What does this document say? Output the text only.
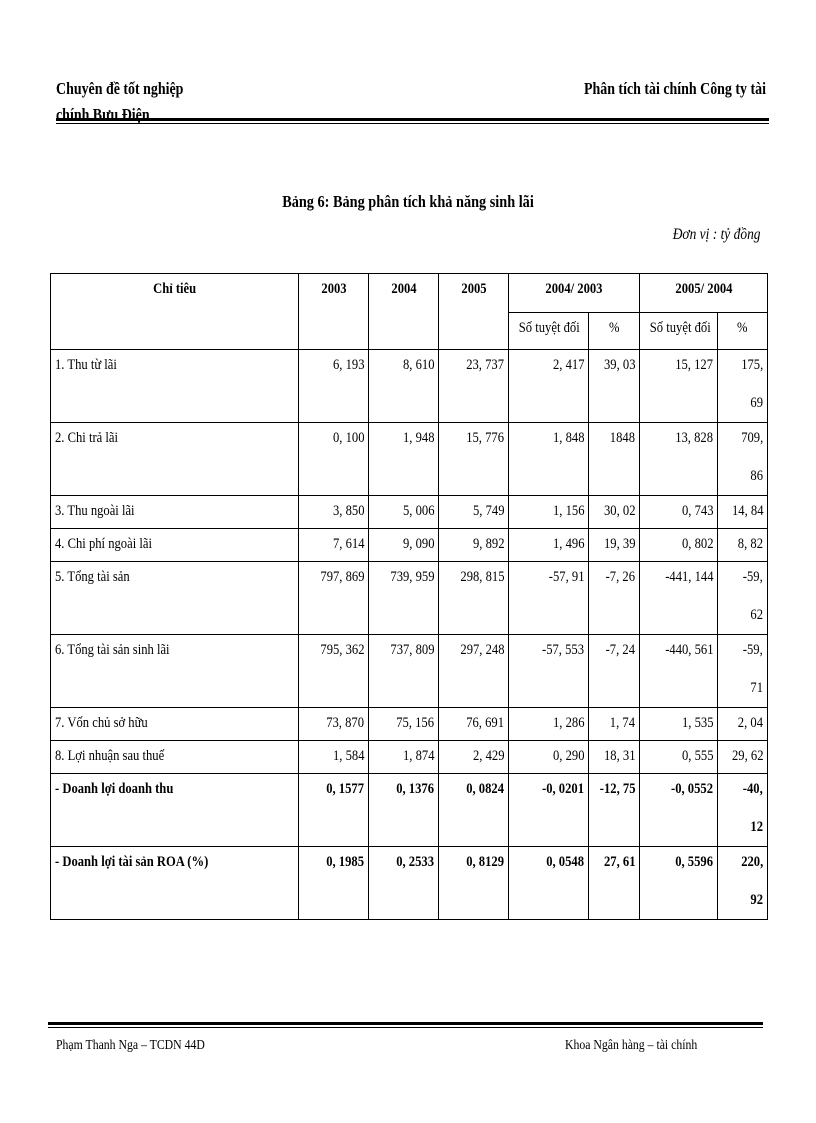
Chuyên đề tốt nghiệp
chính Bưu Điện
Phân tích tài chính Công ty tài
Bảng 6: Bảng phân tích khả năng sinh lãi
Đơn vị : tỷ đồng
Chỉ tiêu	2003	2004	2005	2004/ 2003		2005/ 2004	
				Số tuyệt đối	%	Số tuyệt đối	%
1. Thu từ lãi	6, 193	8, 610	23, 737	2, 417	39, 03	15, 127	175,
69

2. Chi trả lãi	0, 100	1, 948	15, 776	1, 848	1848	13, 828	709,
86

3. Thu ngoài lãi	3, 850	5, 006	5, 749	1, 156	30, 02	0, 743	14, 84

4. Chi phí ngoài lãi	7, 614	9, 090	9, 892	1, 496	19, 39	0, 802	8, 82

5. Tổng tài sản	797, 869	739, 959	298, 815	-57, 91	-7, 26	-441, 144	-59,
62

6. Tổng tài sản sinh lãi	795, 362	737, 809	297, 248	-57, 553	-7, 24	-440, 561	-59,
71

7. Vốn chủ sở hữu	73, 870	75, 156	76, 691	1, 286	1, 74	1, 535	2, 04

8. Lợi nhuận sau thuế	1, 584	1, 874	2, 429	0, 290	18, 31	0, 555	29, 62

- Doanh lợi doanh thu	0, 1577	0, 1376	0, 0824	-0, 0201	-12, 75	-0, 0552	-40,
12

- Doanh lợi tài sản ROA (%)	0, 1985	0, 2533	0, 8129	0, 0548	27, 61	0, 5596	220,
92
Phạm Thanh Nga – TCDN 44D	Khoa Ngân hàng – tài chính
